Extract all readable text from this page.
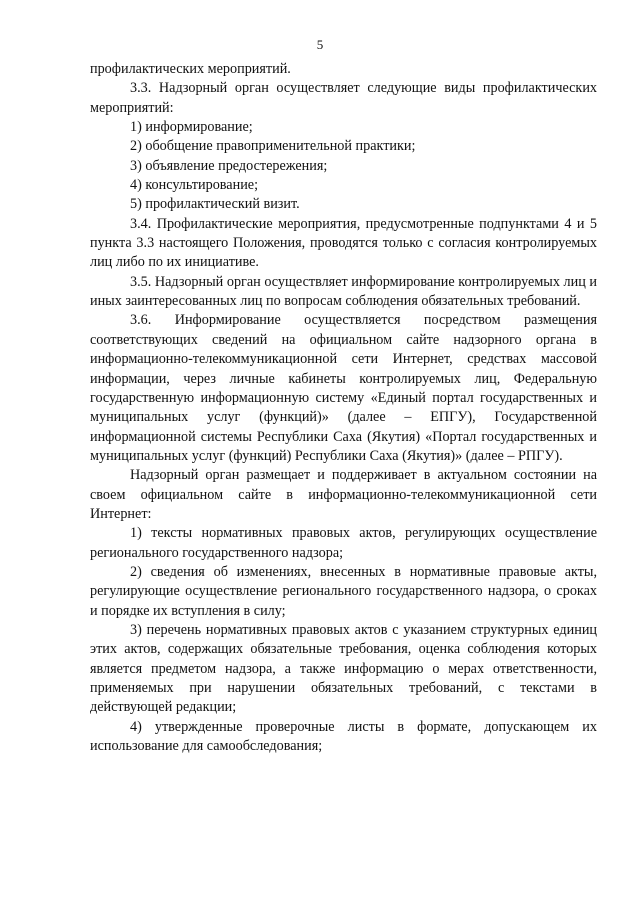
5

профилактических мероприятий.

3.3. Надзорный орган осуществляет следующие виды профилактических мероприятий:

1) информирование;

2) обобщение правоприменительной практики;

3) объявление предостережения;

4) консультирование;

5) профилактический визит.

3.4. Профилактические мероприятия, предусмотренные подпунктами 4 и 5 пункта 3.3 настоящего Положения, проводятся только с согласия контролируемых лиц либо по их инициативе.

3.5. Надзорный орган осуществляет информирование контролируемых лиц и иных заинтересованных лиц по вопросам соблюдения обязательных требований.

3.6. Информирование осуществляется посредством размещения соответствующих сведений на официальном сайте надзорного органа в информационно-телекоммуникационной сети Интернет, средствах массовой информации, через личные кабинеты контролируемых лиц, Федеральную государственную информационную систему «Единый портал государственных и муниципальных услуг (функций)» (далее – ЕПГУ), Государственной информационной системы Республики Саха (Якутия) «Портал государственных и муниципальных услуг (функций) Республики Саха (Якутия)» (далее – РПГУ).

Надзорный орган размещает и поддерживает в актуальном состоянии на своем официальном сайте в информационно-телекоммуникационной сети Интернет:

1) тексты нормативных правовых актов, регулирующих осуществление регионального государственного надзора;

2) сведения об изменениях, внесенных в нормативные правовые акты, регулирующие осуществление регионального государственного надзора, о сроках и порядке их вступления в силу;

3) перечень нормативных правовых актов с указанием структурных единиц этих актов, содержащих обязательные требования, оценка соблюдения которых является предметом надзора, а также информацию о мерах ответственности, применяемых при нарушении обязательных требований, с текстами в действующей редакции;

4) утвержденные проверочные листы в формате, допускающем их использование для самообследования;
